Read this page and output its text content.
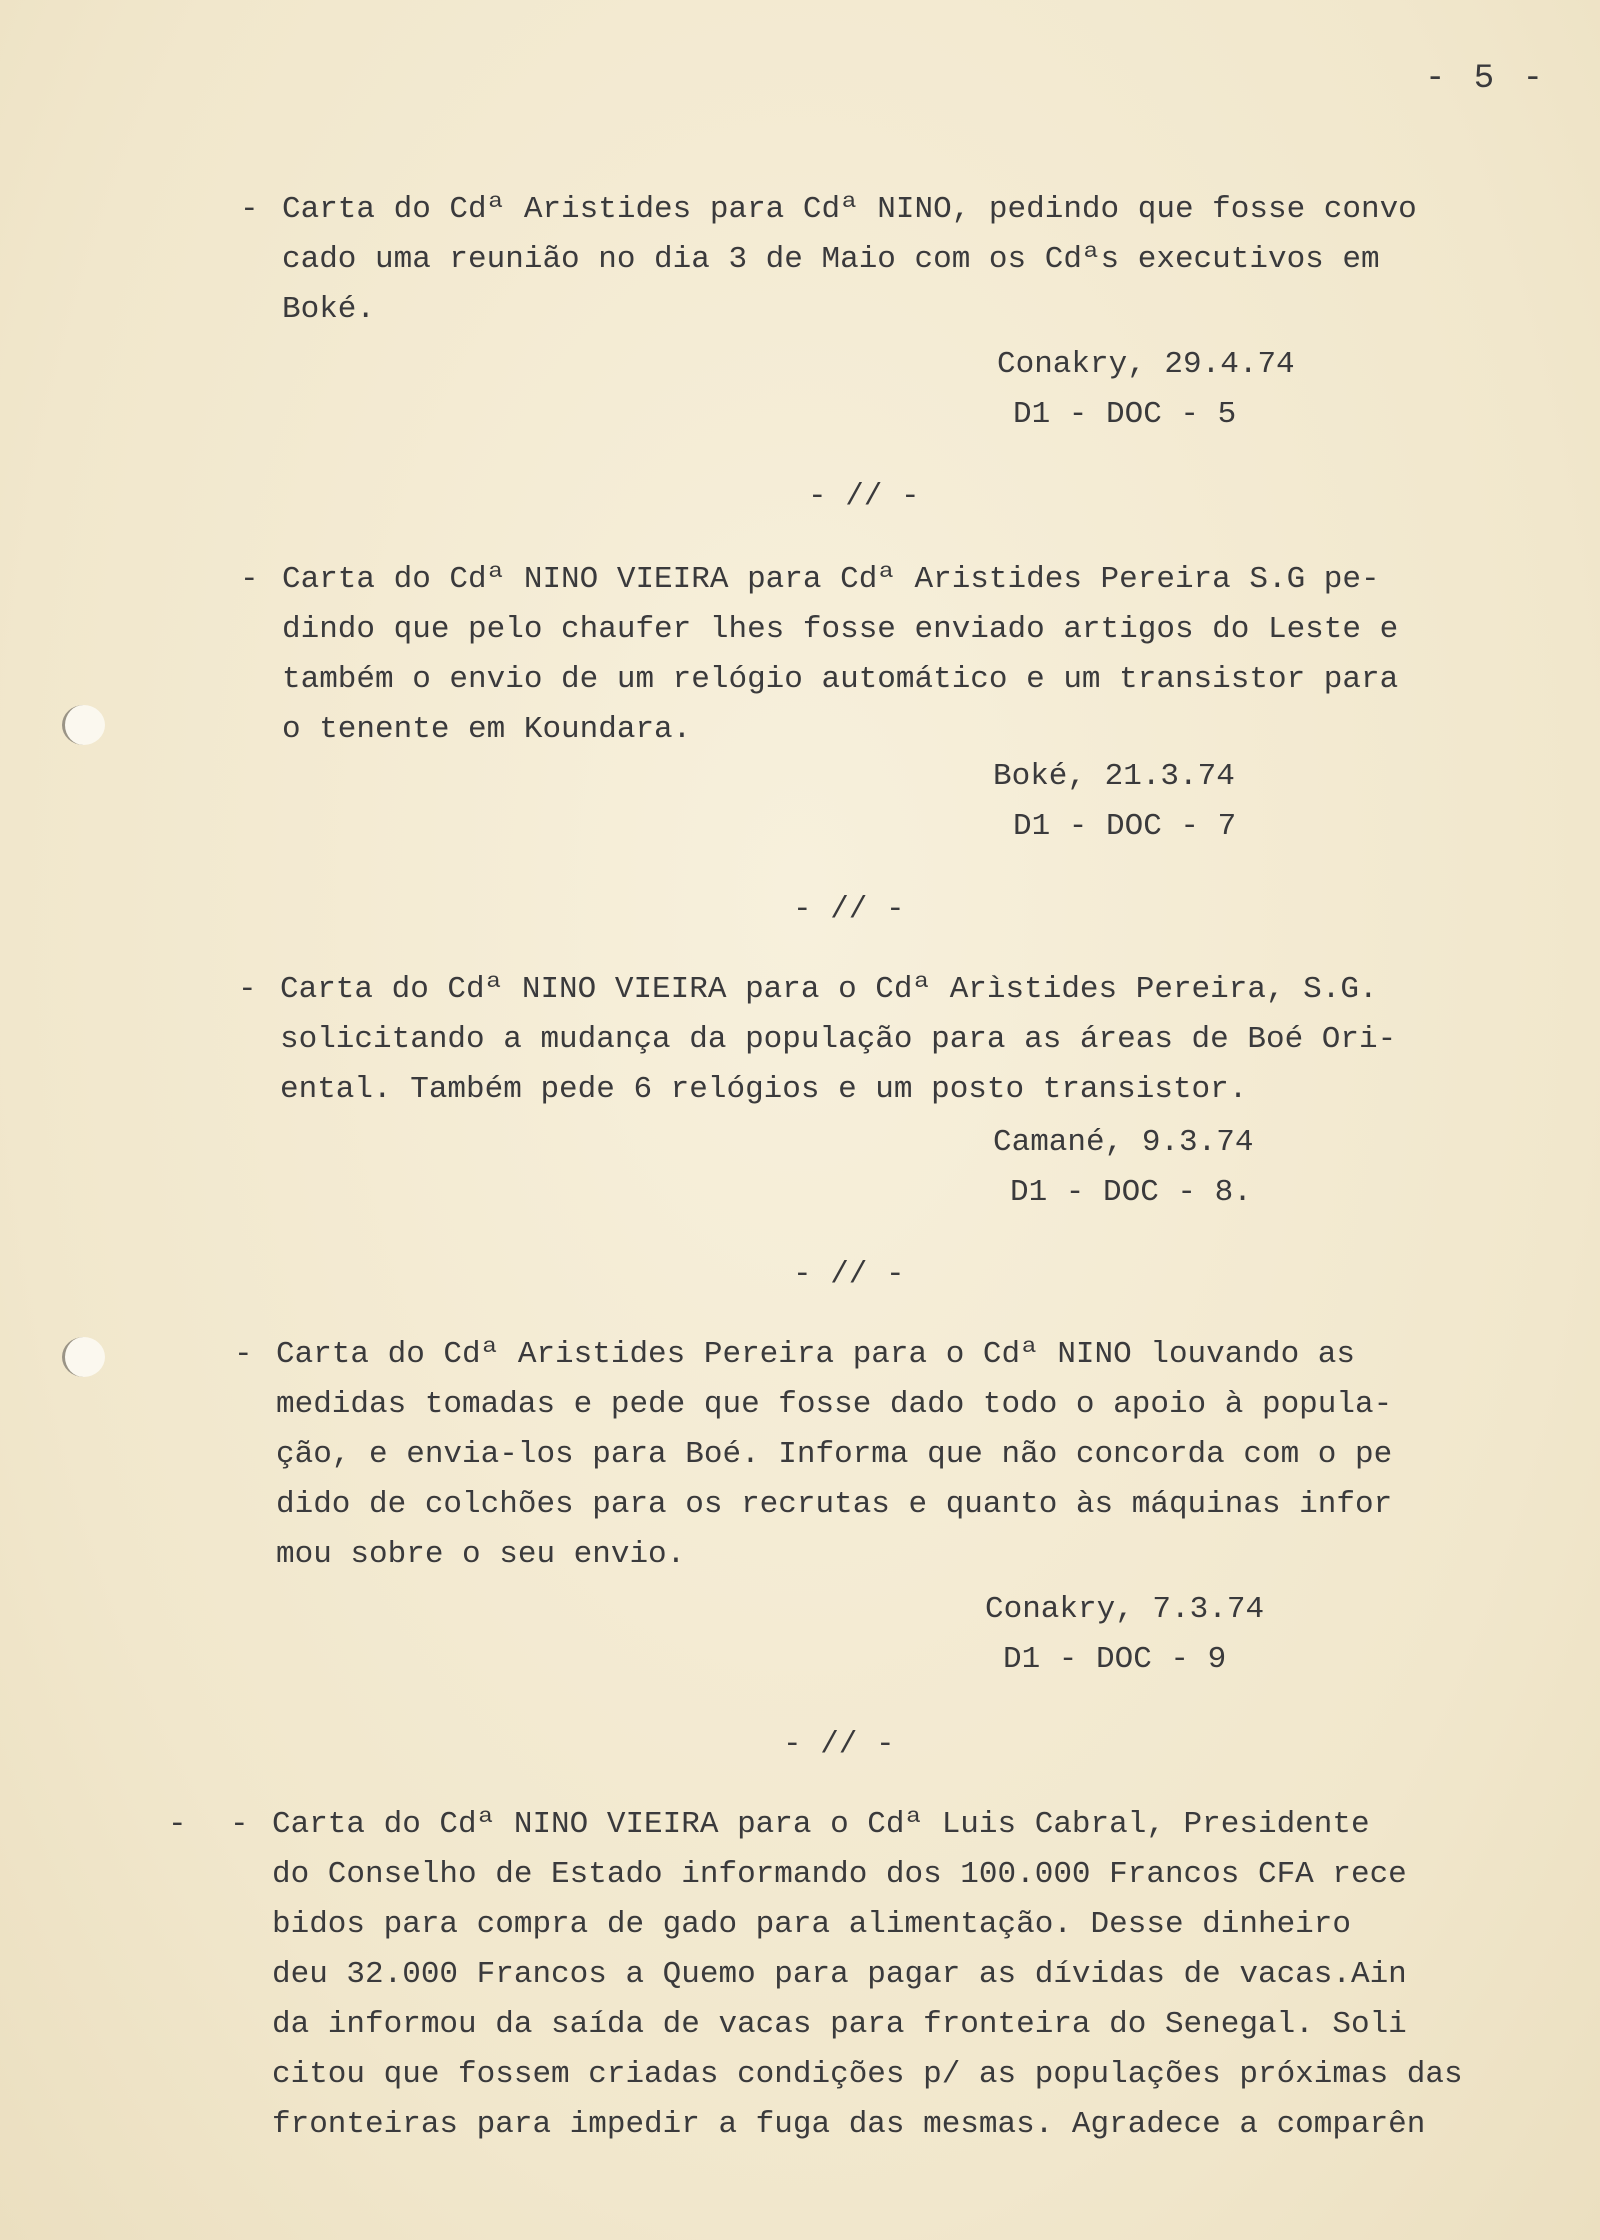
- 5 -
- Carta do Cdª Aristides para Cdª NINO, pedindo que fosse convo
cado uma reunião no dia 3 de Maio com os Cdªs executivos em
Boké.
Conakry, 29.4.74
D1 - DOC - 5
- // -
- Carta do Cdª NINO VIEIRA para Cdª Aristides Pereira S.G pe-
dindo que pelo chaufer lhes fosse enviado artigos do Leste e
também o envio de um relógio automático e um transistor para
o tenente em Koundara.
Boké, 21.3.74
D1 - DOC - 7
- // -
- Carta do Cdª NINO VIEIRA para o Cdª Arìstides Pereira, S.G.
solicitando a mudança da população para as áreas de Boé Ori-
ental. Também pede 6 relógios e um posto transistor.
Camané, 9.3.74
D1 - DOC - 8.
- // -
- Carta do Cdª Aristides Pereira para o Cdª NINO louvando as
medidas tomadas e pede que fosse dado todo o apoio à popula-
ção, e envia-los para Boé. Informa que não concorda com o pe
dido de colchões para os recrutas e quanto às máquinas infor
mou sobre o seu envio.
Conakry, 7.3.74
D1 - DOC - 9
- // -
- - Carta do Cdª NINO VIEIRA para o Cdª Luis Cabral, Presidente
do Conselho de Estado informando dos 100.000 Francos CFA rece
bidos para compra de gado para alimentação. Desse dinheiro
deu 32.000 Francos a Quemo para pagar as dívidas de vacas.Ain
da informou da saída de vacas para fronteira do Senegal. Soli
citou que fossem criadas condições p/ as populações próximas das
fronteiras para impedir a fuga das mesmas. Agradece a comparên
